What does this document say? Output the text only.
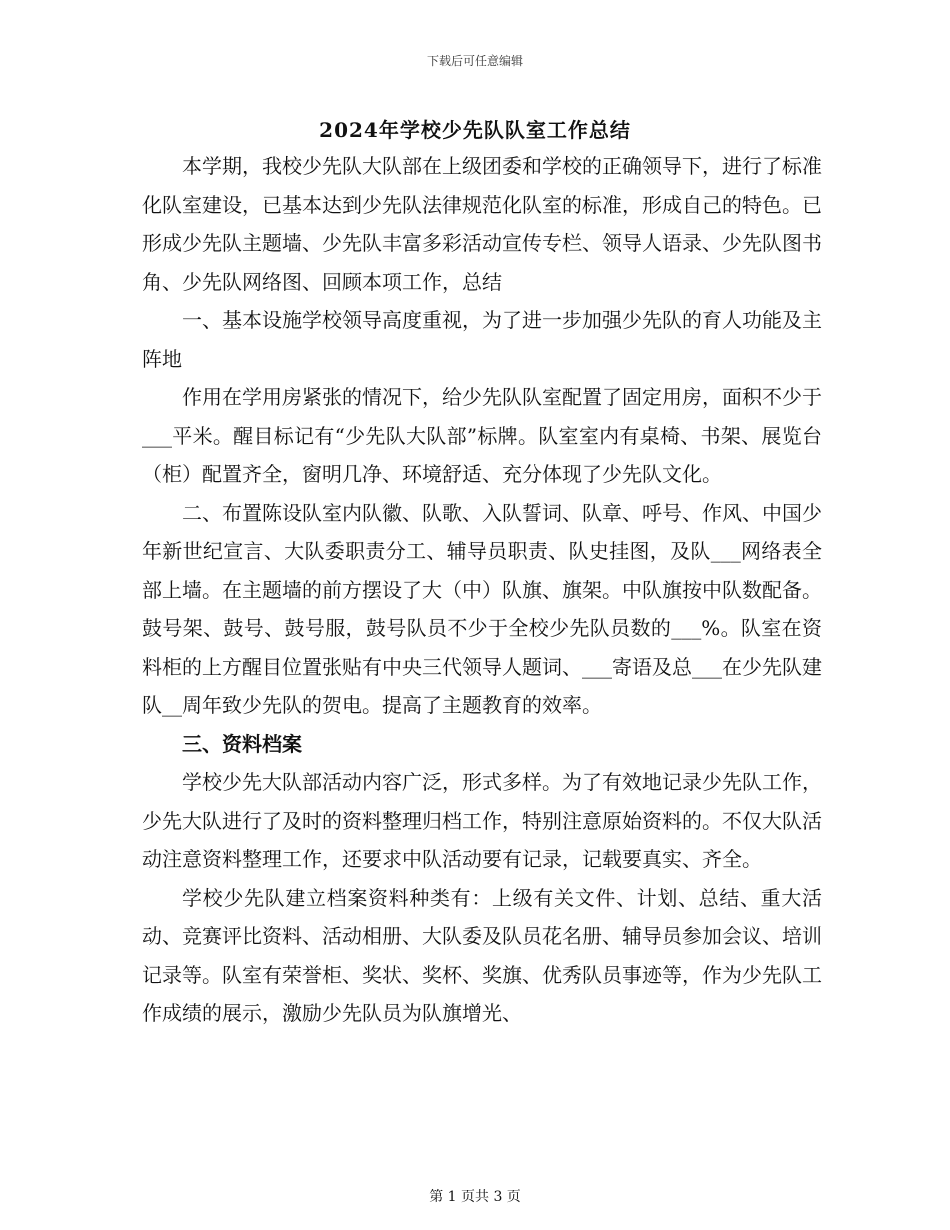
下载后可任意编辑
2024年学校少先队队室工作总结

本学期，我校少先队大队部在上级团委和学校的正确领导下，进行了标准化队室建设，已基本达到少先队法律规范化队室的标准，形成自己的特色。已形成少先队主题墙、少先队丰富多彩活动宣传专栏、领导人语录、少先队图书角、少先队网络图、回顾本项工作，总结

一、基本设施学校领导高度重视，为了进一步加强少先队的育人功能及主阵地

作用在学用房紧张的情况下，给少先队队室配置了固定用房，面积不少于___平米。醒目标记有“少先队大队部”标牌。队室室内有桌椅、书架、展览台（柜）配置齐全，窗明几净、环境舒适、充分体现了少先队文化。

二、布置陈设队室内队徽、队歌、入队誓词、队章、呼号、作风、中国少年新世纪宣言、大队委职责分工、辅导员职责、队史挂图，及队___网络表全部上墙。在主题墙的前方摆设了大（中）队旗、旗架。中队旗按中队数配备。鼓号架、鼓号、鼓号服，鼓号队员不少于全校少先队员数的___%。队室在资料柜的上方醒目位置张贴有中央三代领导人题词、___寄语及总___在少先队建队__周年致少先队的贺电。提高了主题教育的效率。

三、资料档案

学校少先大队部活动内容广泛，形式多样。为了有效地记录少先队工作，少先大队进行了及时的资料整理归档工作，特别注意原始资料的。不仅大队活动注意资料整理工作，还要求中队活动要有记录，记载要真实、齐全。

学校少先队建立档案资料种类有：上级有关文件、计划、总结、重大活动、竞赛评比资料、活动相册、大队委及队员花名册、辅导员参加会议、培训记录等。队室有荣誉柜、奖状、奖杯、奖旗、优秀队员事迹等，作为少先队工作成绩的展示，激励少先队员为队旗增光、

第 1 页共 3 页
